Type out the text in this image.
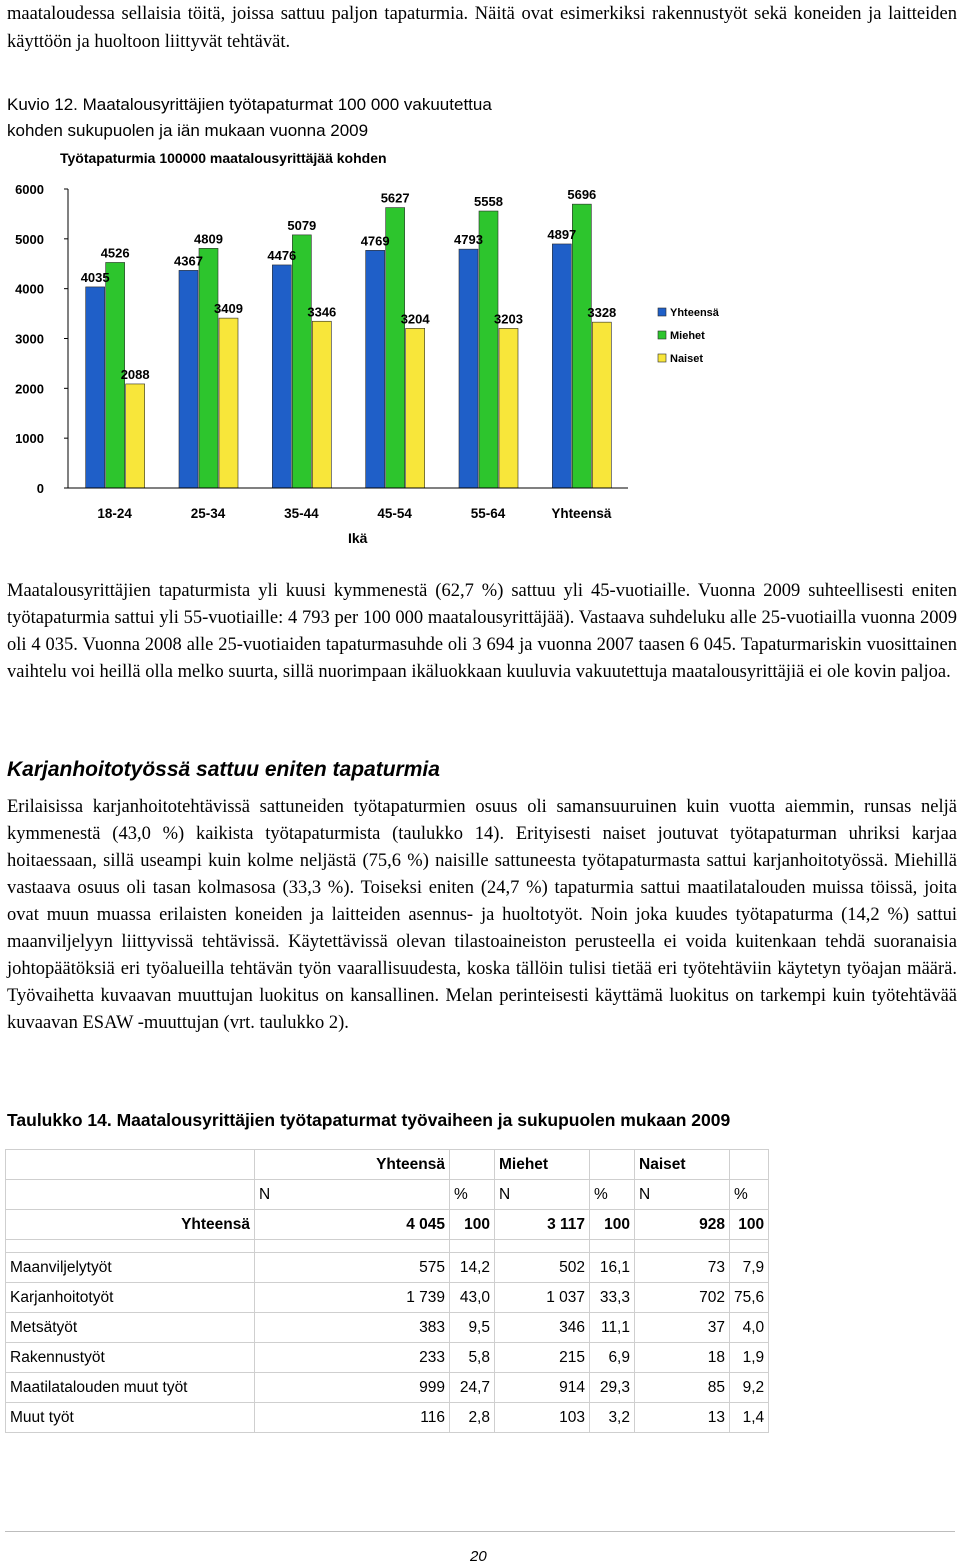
maataloudessa sellaisia töitä, joissa sattuu paljon tapaturmia. Näitä ovat esimerkiksi rakennustyöt sekä koneiden ja laitteiden käyttöön ja huoltoon liittyvät tehtävät.

Kuvio 12. Maatalousyrittäjien työtapaturmat 100 000 vakuutettua
kohden sukupuolen ja iän mukaan vuonna 2009
Työtapaturmia 100000 maatalousyrittäjää kohden
0
1000
2000
3000
4000
5000
6000
4035
4526
2088
4367
4809
3409
4476
5079
3346
4769
5627
3204
4793
5558
3203
4897
5696
3328
18-24	25-34	35-44	45-54	55-64	Yhteensä
Ikä
Yhteensä
Miehet
Naiset

Maatalousyrittäjien tapaturmista yli kuusi kymmenestä (62,7 %) sattuu yli 45-vuotiaille. Vuonna 2009 suhteellisesti eniten työtapaturmia sattui yli 55-vuotiaille: 4 793 per 100 000 maatalousyrittäjää). Vastaava suhdeluku alle 25-vuotiailla vuonna 2009 oli 4 035. Vuonna 2008 alle 25-vuotiaiden tapaturmasuhde oli 3 694 ja vuonna 2007 taasen 6 045. Tapaturmariskin vuosittainen vaihtelu voi heillä olla melko suurta, sillä nuorimpaan ikäluokkaan kuuluvia vakuutettuja maatalousyrittäjiä ei ole kovin paljoa.

Karjanhoitotyössä sattuu eniten tapaturmia

Erilaisissa karjanhoitotehtävissä sattuneiden työtapaturmien osuus oli samansuuruinen kuin vuotta aiemmin, runsas neljä kymmenestä (43,0 %) kaikista työtapaturmista (taulukko 14). Erityisesti naiset joutuvat työtapaturman uhriksi karjaa hoitaessaan, sillä useampi kuin kolme neljästä (75,6 %) naisille sattuneesta työtapaturmasta sattui karjanhoitotyössä. Miehillä vastaava osuus oli tasan kolmasosa (33,3 %). Toiseksi eniten (24,7 %) tapaturmia sattui maatilatalouden muissa töissä, joita ovat muun muassa erilaisten koneiden ja laitteiden asennus- ja huoltotyöt. Noin joka kuudes työtapaturma (14,2 %) sattui maanviljelyyn liittyvissä tehtävissä. Käytettävissä olevan tilastoaineiston perusteella ei voida kuitenkaan tehdä suoranaisia johtopäätöksiä eri työalueilla tehtävän työn vaarallisuudesta, koska tällöin tulisi tietää eri työtehtäviin käytetyn työajan määrä. Työvaihetta kuvaavan muuttujan luokitus on kansallinen. Melan perinteisesti käyttämä luokitus on tarkempi kuin työtehtävää kuvaavan ESAW -muuttujan (vrt. taulukko 2).

Taulukko 14. Maatalousyrittäjien työtapaturmat työvaiheen ja sukupuolen mukaan 2009
	Yhteensä		Miehet		Naiset	
	N	%	N	%	N	%
Yhteensä	4 045	100	3 117	100	928	100

Maanviljelytyöt	575	14,2	502	16,1	73	7,9
Karjanhoitotyöt	1 739	43,0	1 037	33,3	702	75,6
Metsätyöt	383	9,5	346	11,1	37	4,0
Rakennustyöt	233	5,8	215	6,9	18	1,9
Maatilatalouden muut työt	999	24,7	914	29,3	85	9,2
Muut työt	116	2,8	103	3,2	13	1,4
20
